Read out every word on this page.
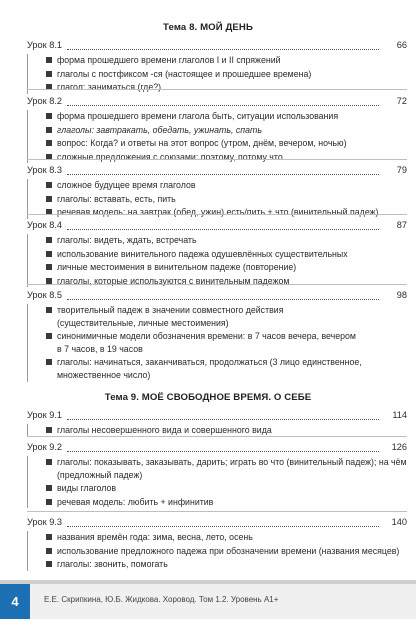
Тема 8. МОЙ ДЕНЬ
Урок 8.1	66
форма прошедшего времени глаголов I и II спряжений
глаголы с постфиксом -ся (настоящее и прошедшее времена)
глагол: заниматься (где?)
Урок 8.2	72
форма прошедшего времени глагола быть, ситуации использования
глаголы: завтракать, обедать, ужинать, спать
вопрос: Когда? и ответы на этот вопрос (утром, днём, вечером, ночью)
сложные предложения с союзами: поэтому, потому что
Урок 8.3	79
сложное будущее время глаголов
глаголы: вставать, есть, пить
речевая модель: на завтрак (обед, ужин) есть/пить + что (винительный падеж)
Урок 8.4	87
глаголы: видеть, ждать, встречать
использование винительного падежа одушевлённых существительных
личные местоимения в винительном падеже (повторение)
глаголы, которые используются с винительным падежом
Урок 8.5	98
творительный падеж в значении совместного действия (существительные, личные местоимения)
синонимичные модели обозначения времени: в 7 часов вечера, вечером в 7 часов, в 19 часов
глаголы: начинаться, заканчиваться, продолжаться (3 лицо единственное, множественное число)
Тема 9. МОЁ СВОБОДНОЕ ВРЕМЯ. О СЕБЕ
Урок 9.1	114
глаголы несовершенного вида и совершенного вида
Урок 9.2	126
глаголы: показывать, заказывать, дарить; играть во что (винительный падеж); на чём (предложный падеж)
виды глаголов
речевая модель: любить + инфинитив
Урок 9.3	140
названия времён года: зима, весна, лето, осень
использование предложного падежа при обозначении времени (названия месяцев)
глаголы: звонить, помогать
4	Е.Е. Скрипкина, Ю.Б. Жидкова. Хоровод. Том 1.2. Уровень А1+
